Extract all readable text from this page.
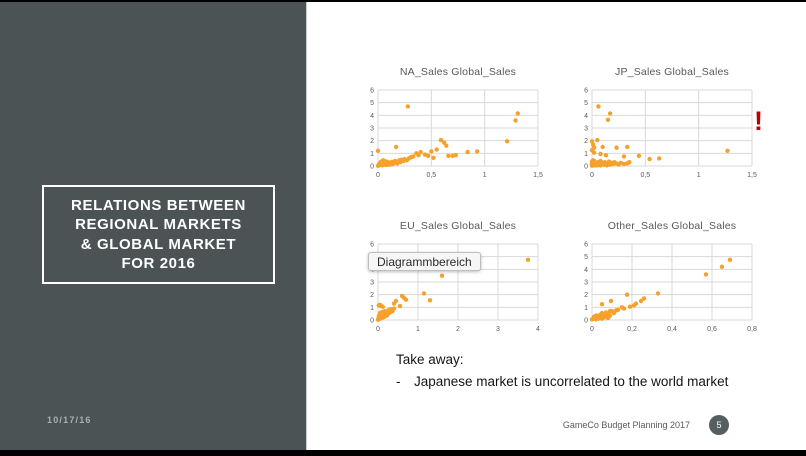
RELATIONS BETWEEN
REGIONAL MARKETS
& GLOBAL MARKET
FOR 2016
10/17/16
NA_Sales Global_Sales
0
1
2
3
4
5
6
0	0,5	1	1,5
JP_Sales Global_Sales
0
1
2
3
4
5
6
0	0,5	1	1,5
EU_Sales Global_Sales
0
1
2
3
6
0	1	2	3	4
Other_Sales Global_Sales
0
1
2
3
4
5
6
0	0,2	0,4	0,6	0,8
Diagrammbereich
!
Take away:
-	Japanese market is uncorrelated to the world market
GameCo Budget Planning 2017	5
